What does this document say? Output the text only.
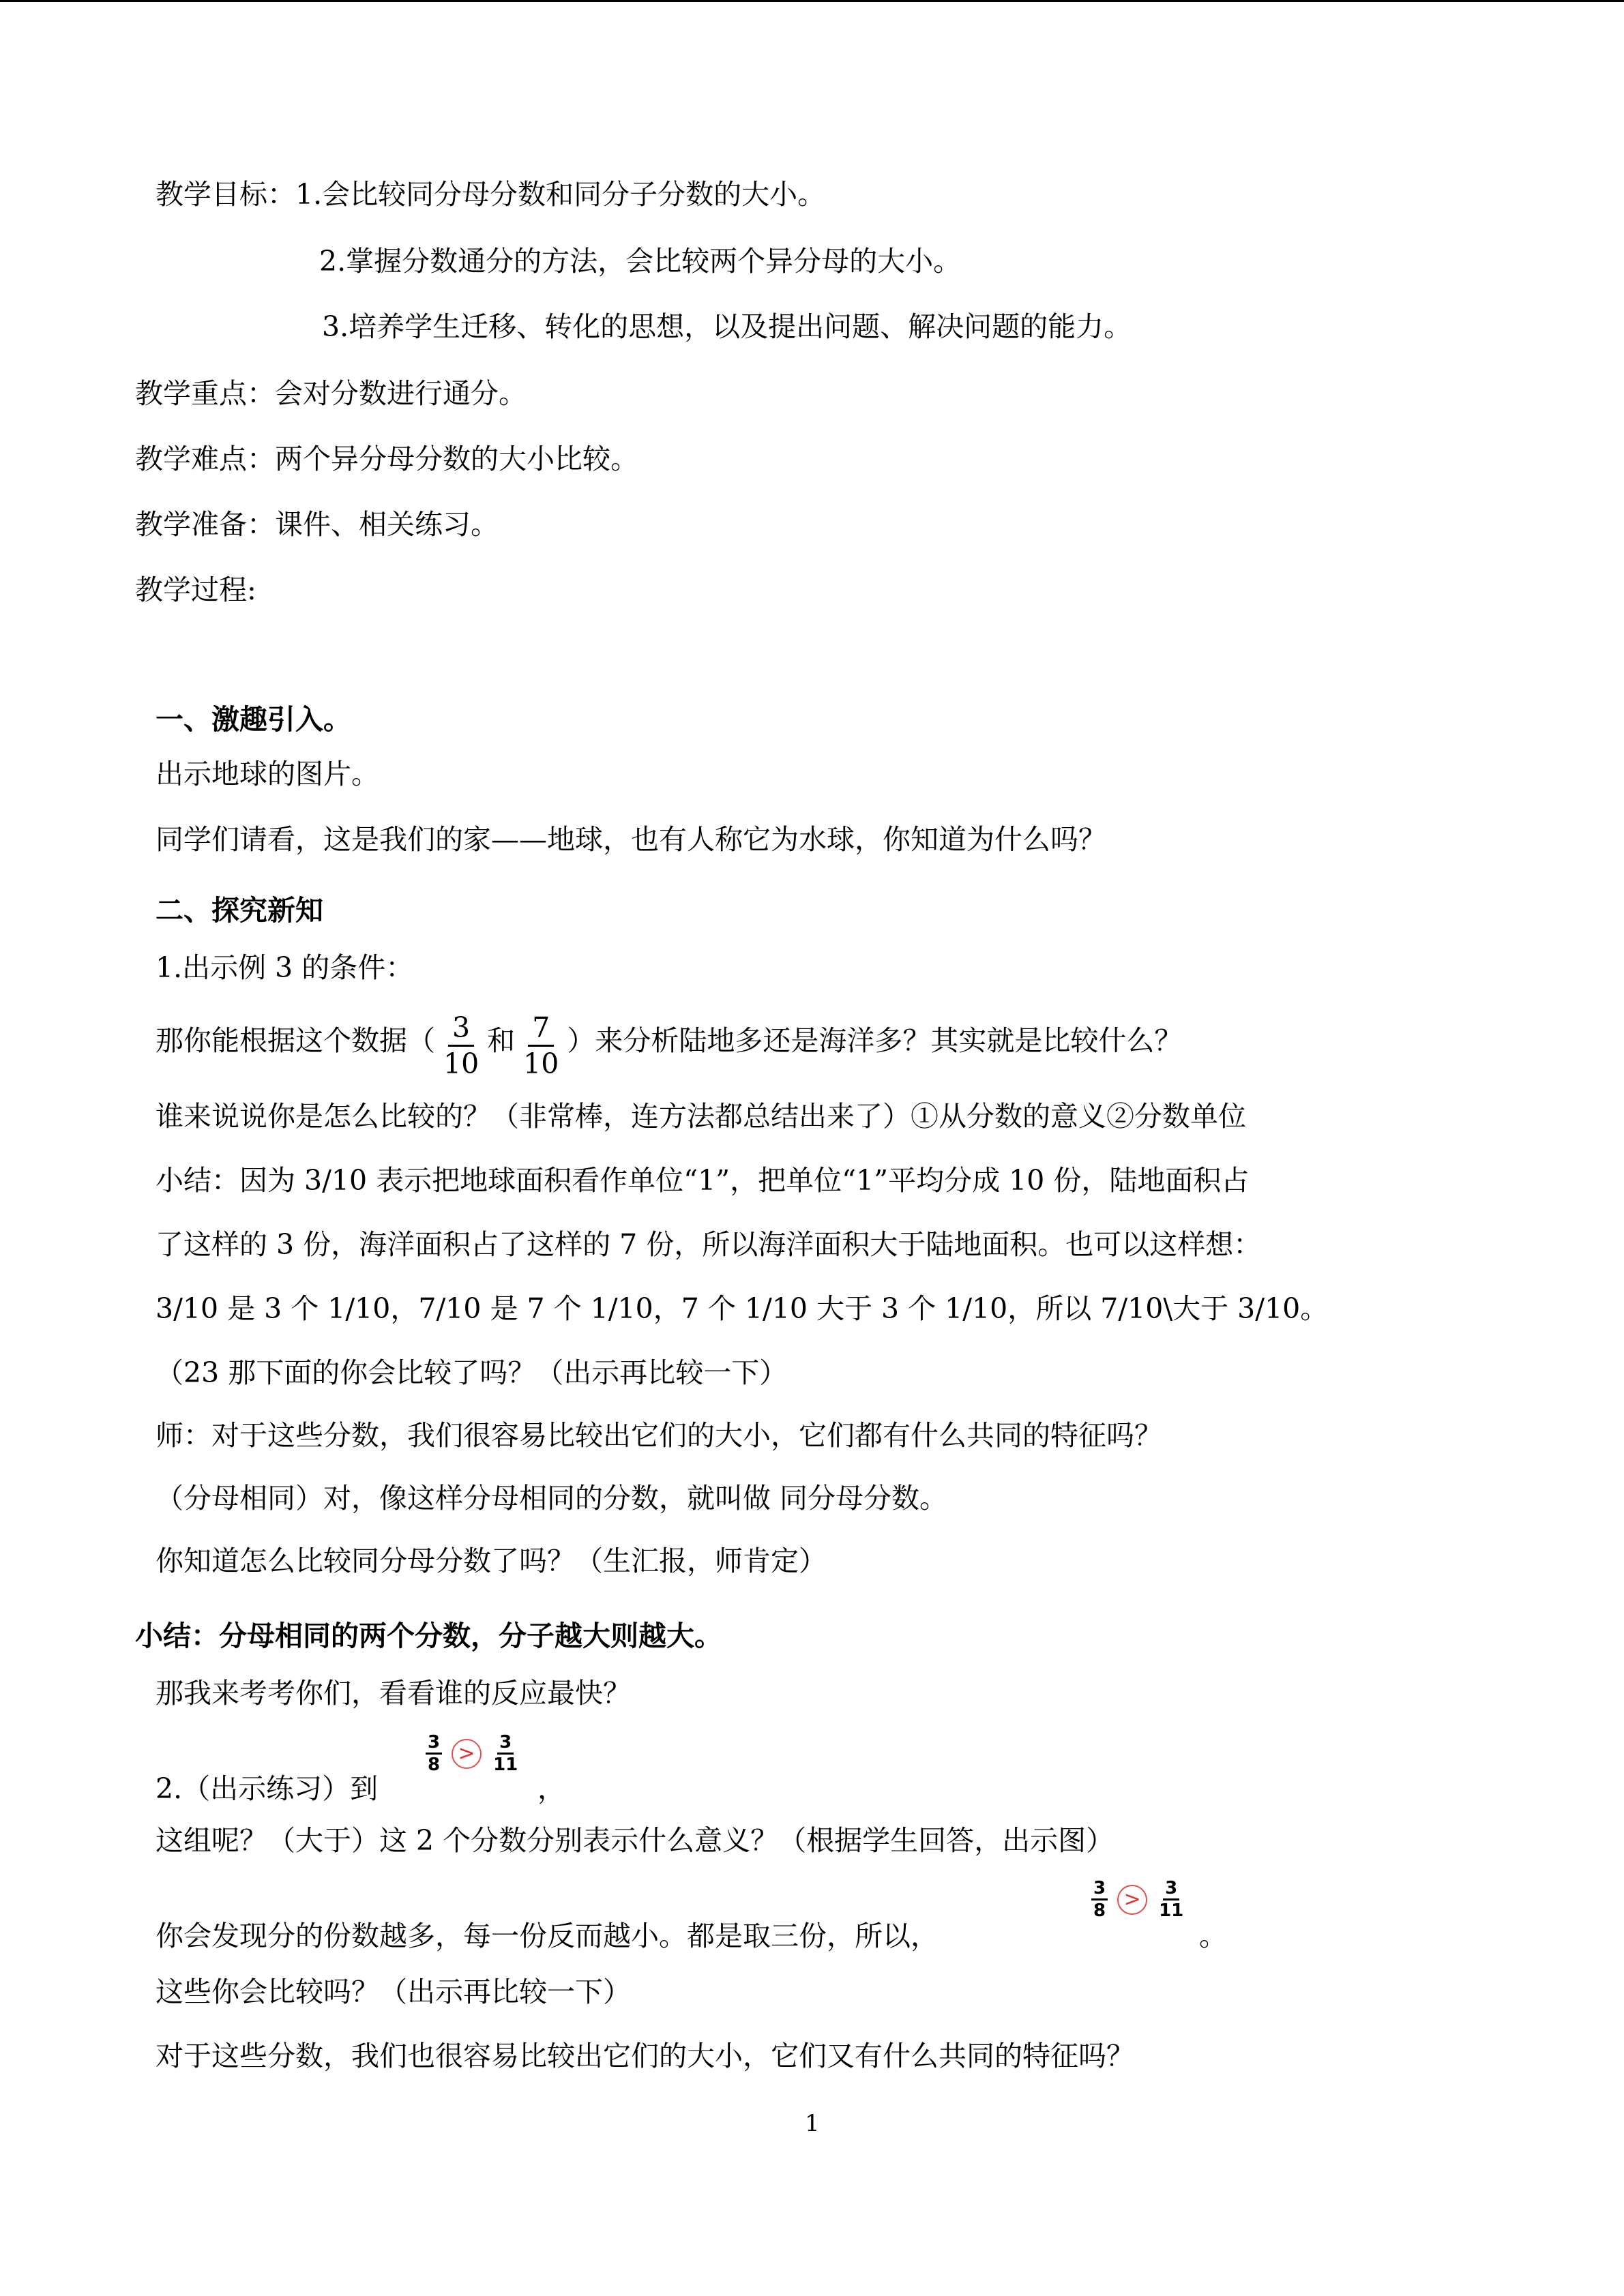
教学目标：1.会比较同分母分数和同分子分数的大小。
2.掌握分数通分的方法，会比较两个异分母的大小。
3.培养学生迁移、转化的思想，以及提出问题、解决问题的能力。
教学重点：会对分数进行通分。
教学难点：两个异分母分数的大小比较。
教学准备：课件、相关练习。
教学过程:
一、激趣引入。
出示地球的图片。
同学们请看，这是我们的家——地球，也有人称它为水球，你知道为什么吗？
二、探究新知
1.出示例 3 的条件：
那你能根据这个数据（ $\frac{3}{10}$ 和 $\frac{7}{10}$ ）来分析陆地多还是海洋多？其实就是比较什么？
谁来说说你是怎么比较的？（非常棒，连方法都总结出来了）①从分数的意义②分数单位
小结：因为 3/10 表示把地球面积看作单位“1”，把单位“1”平均分成 10 份，陆地面积占
了这样的 3 份，海洋面积占了这样的 7 份，所以海洋面积大于陆地面积。也可以这样想：
3/10 是 3 个 1/10，7/10 是 7 个 1/10，7 个 1/10 大于 3 个 1/10，所以 7/10\大于 3/10。
（23 那下面的你会比较了吗？（出示再比较一下）
师：对于这些分数，我们很容易比较出它们的大小，它们都有什么共同的特征吗？
（分母相同）对，像这样分母相同的分数，就叫做 同分母分数。
你知道怎么比较同分母分数了吗？（生汇报，师肯定）
小结：分母相同的两个分数，分子越大则越大。
那我来考考你们，看看谁的反应最快？
2.（出示练习）到
$\frac{3}{8} > \frac{3}{11}$
，
这组呢？（大于）这 2 个分数分别表示什么意义？（根据学生回答，出示图）
你会发现分的份数越多，每一份反而越小。都是取三份，所以，
$\frac{3}{8} > \frac{3}{11}$
。
这些你会比较吗？（出示再比较一下）
对于这些分数，我们也很容易比较出它们的大小，它们又有什么共同的特征吗？
1
